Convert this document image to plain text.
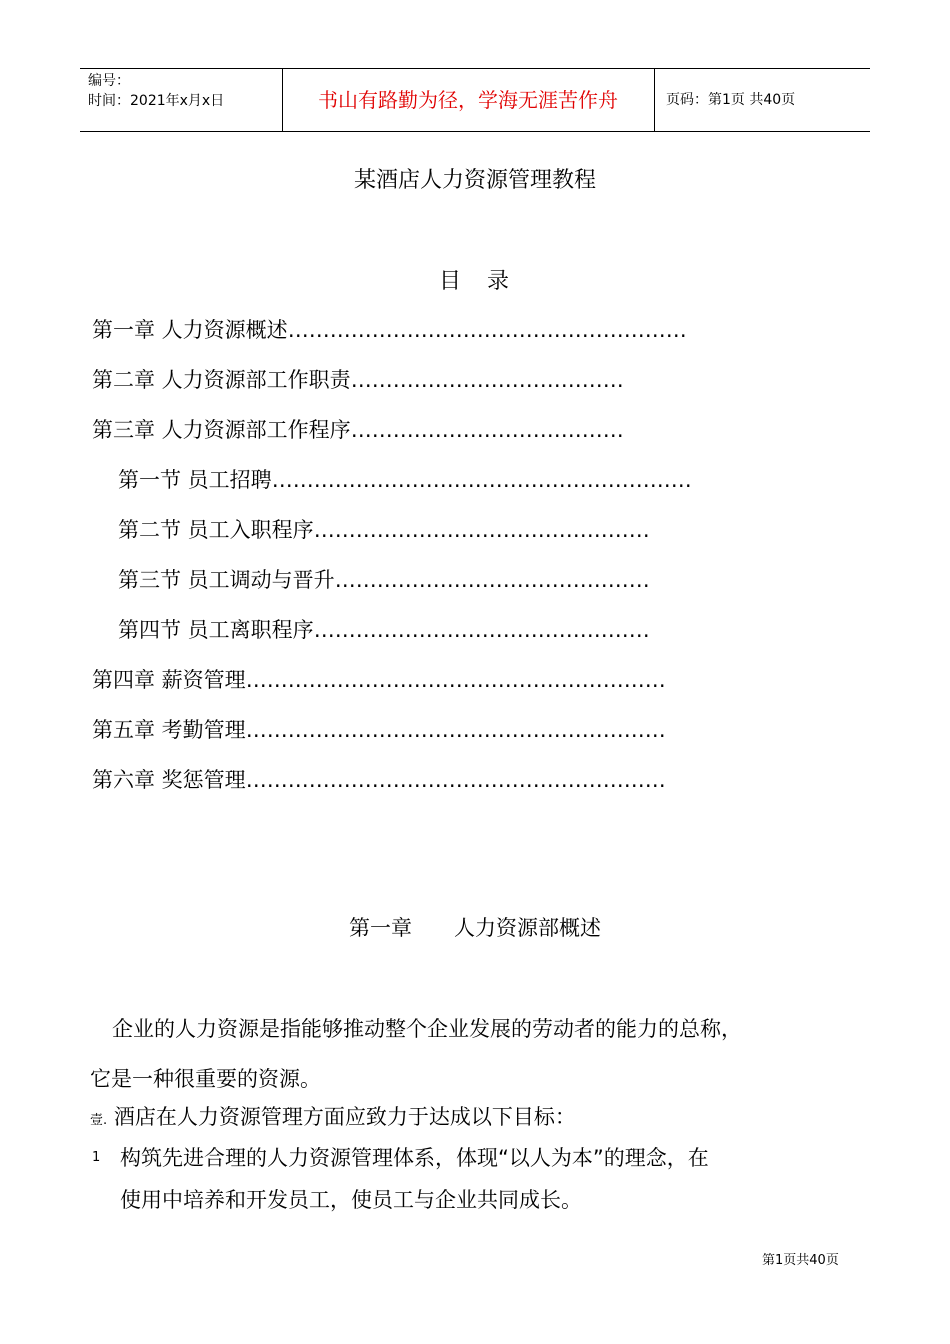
编号：
时间：2021年x月x日	书山有路勤为径，学海无涯苦作舟	页码：第1页 共40页
某酒店人力资源管理教程
目　录
第一章 人力资源概述…………………………………………………
第二章 人力资源部工作职责…………………………………
第三章 人力资源部工作程序…………………………………
第一节 员工招聘……………………………………………………
第二节 员工入职程序…………………………………………
第三节 员工调动与晋升………………………………………
第四节 员工离职程序…………………………………………
第四章 薪资管理……………………………………………………
第五章 考勤管理……………………………………………………
第六章 奖惩管理……………………………………………………
第一章　　人力资源部概述
企业的人力资源是指能够推动整个企业发展的劳动者的能力的总称，
它是一种很重要的资源。
壹. 酒店在人力资源管理方面应致力于达成以下目标：
1 构筑先进合理的人力资源管理体系，体现“以人为本”的理念，在
使用中培养和开发员工，使员工与企业共同成长。
第1页共40页
